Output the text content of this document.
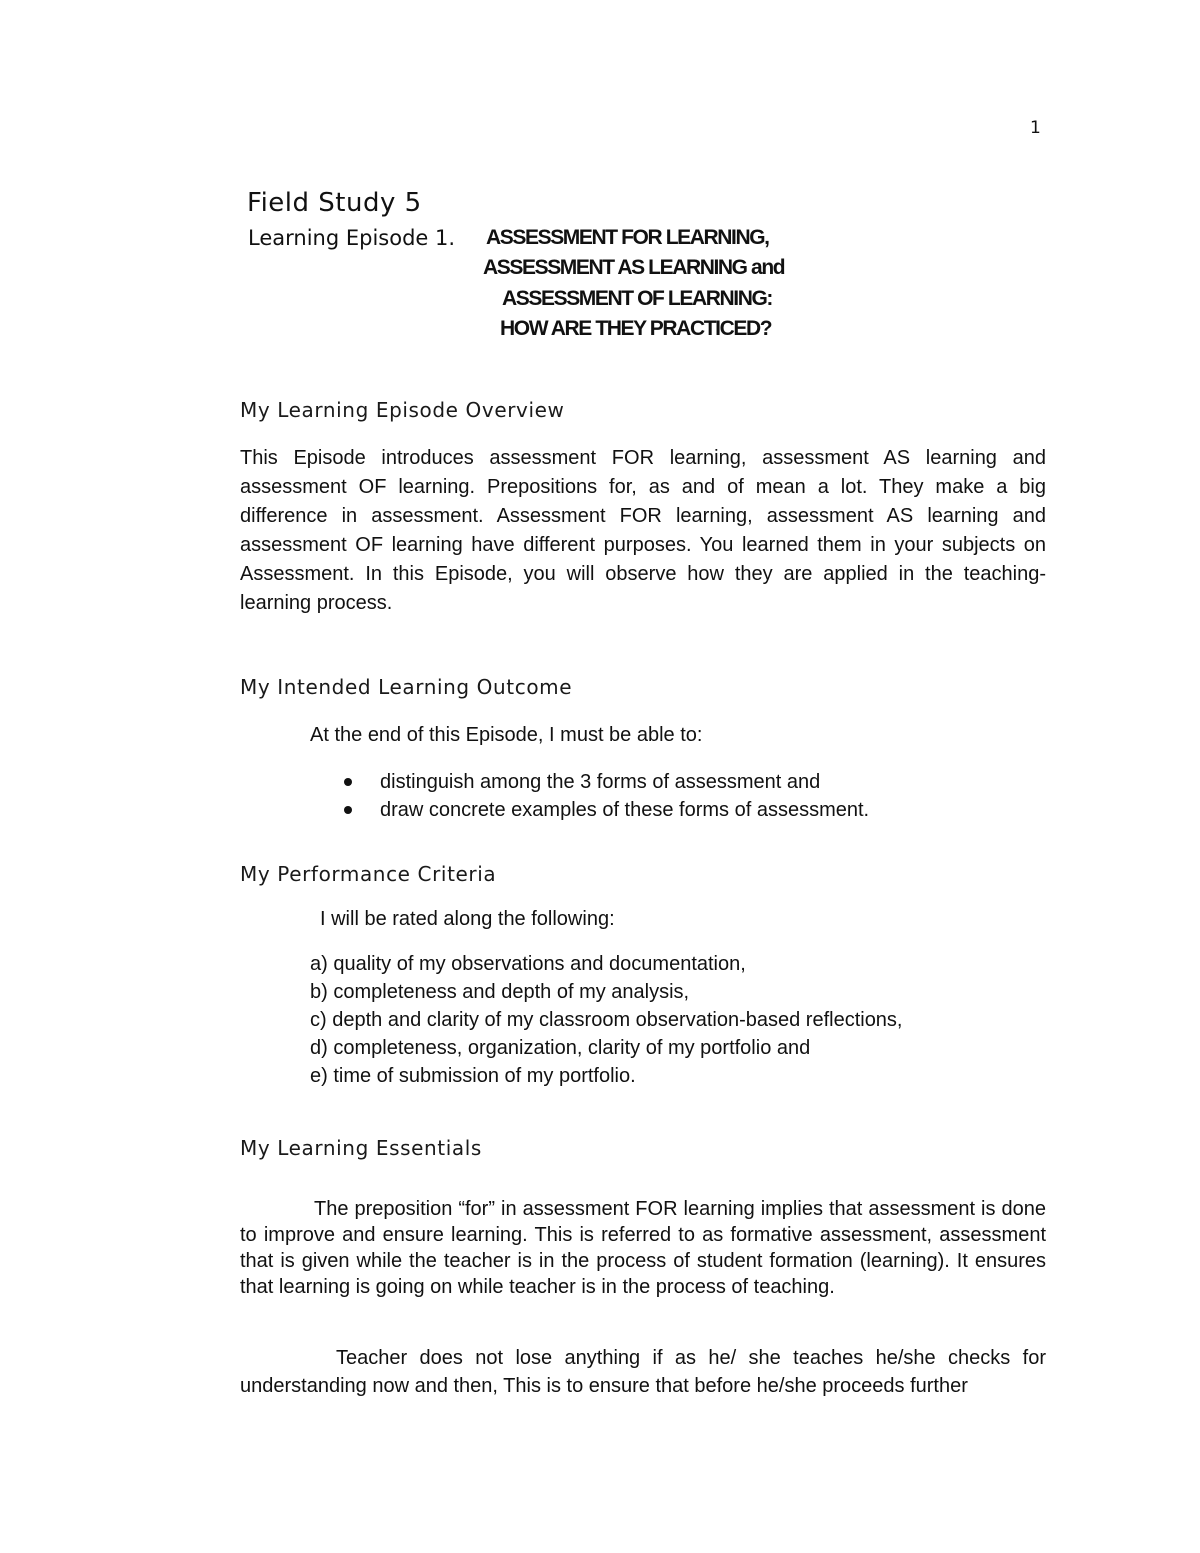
1
Field Study 5
Learning Episode 1. ASSESSMENT FOR LEARNING,
ASSESSMENT AS LEARNING and
ASSESSMENT OF LEARNING:
HOW ARE THEY PRACTICED?
My Learning Episode Overview
This Episode introduces assessment FOR learning, assessment AS learning and assessment OF learning. Prepositions for, as and of mean a lot. They make a big difference in assessment. Assessment FOR learning, assessment AS learning and assessment OF learning have different purposes. You learned them in your subjects on Assessment. In this Episode, you will observe how they are applied in the teaching-learning process.
My Intended Learning Outcome
At the end of this Episode, I must be able to:
distinguish among the 3 forms of assessment and
draw concrete examples of these forms of assessment.
My Performance Criteria
I will be rated along the following:
a) quality of my observations and documentation,
b) completeness and depth of my analysis,
c) depth and clarity of my classroom observation-based reflections,
d) completeness, organization, clarity of my portfolio and
e) time of submission of my portfolio.
My Learning Essentials
The preposition “for” in assessment FOR learning implies that assessment is done to improve and ensure learning. This is referred to as formative assessment, assessment that is given while the teacher is in the process of student formation (learning). It ensures that learning is going on while teacher is in the process of teaching.
Teacher does not lose anything if as he/ she teaches he/she checks for understanding now and then, This is to ensure that before he/she proceeds further
